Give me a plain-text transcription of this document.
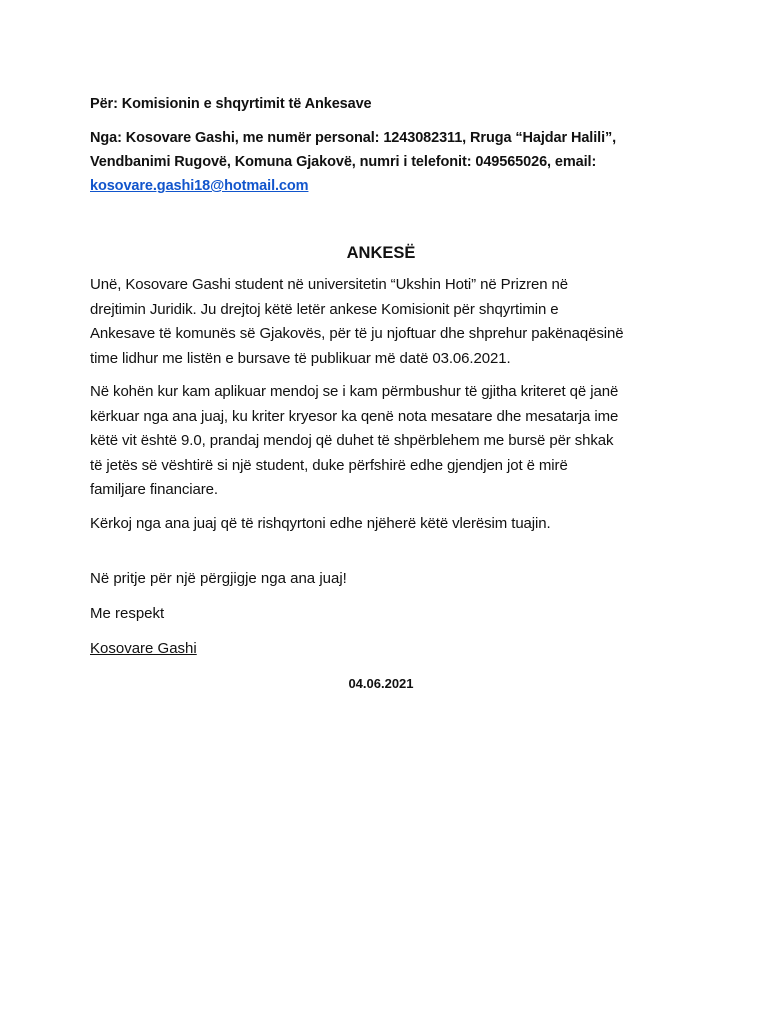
Për: Komisionin e shqyrtimit të Ankesave

Nga: Kosovare Gashi, me numër personal: 1243082311, Rruga “Hajdar Halili”,

Vendbanimi Rugovë, Komuna Gjakovë, numri i telefonit: 049565026, email:

kosovare.gashi18@hotmail.com

ANKESË
Unë, Kosovare Gashi student në universitetin “Ukshin Hoti” në Prizren në
drejtimin Juridik. Ju drejtoj këtë letër ankese Komisionit për shqyrtimin e
Ankesave të komunës së Gjakovës, për të ju njoftuar dhe shprehur pakënaqësinë
time lidhur me listën e bursave të publikuar më datë 03.06.2021.
Në kohën kur kam aplikuar mendoj se i kam përmbushur të gjitha kriteret që janë
kërkuar nga ana juaj, ku kriter kryesor ka qenë nota mesatare dhe mesatarja ime
këtë vit është 9.0, prandaj mendoj që duhet të shpërblehem me bursë për shkak
të jetës së vështirë si një student, duke përfshirë edhe gjendjen jot ë mirë
familjare financiare.
Kërkoj nga ana juaj që të rishqyrtoni edhe njëherë këtë vlerësim tuajin.

Në pritje për një përgjigje nga ana juaj!

Me respekt

Kosovare Gashi

04.06.2021
